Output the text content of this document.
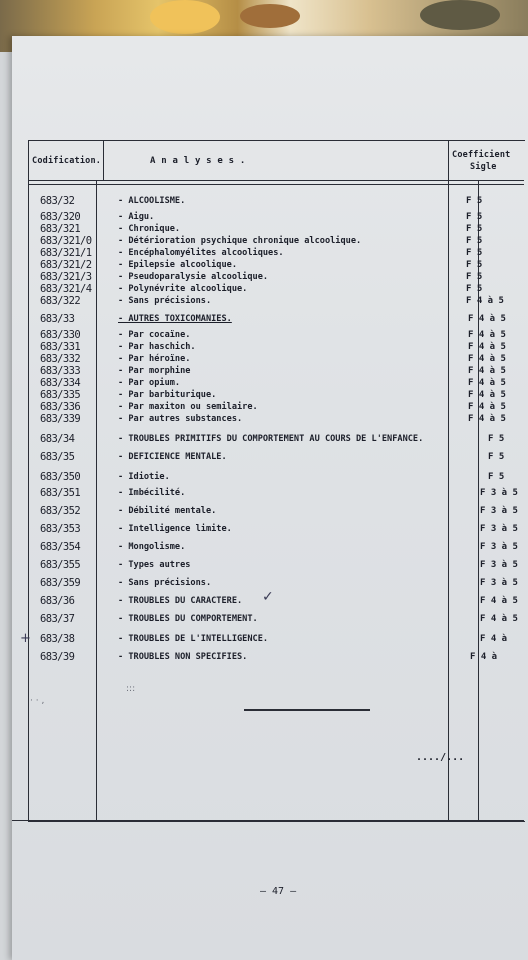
Codification.	A n a l y s e s .
Coefficient
Sigle
683/32	- ALCOOLISME.	F 5
683/320	- Aigu.	F 5
683/321	- Chronique.	F 5
683/321/0	- Détérioration psychique chronique alcoolique.	F 5
683/321/1	- Encéphalomyélites alcooliques.	F 5
683/321/2	- Epilepsie alcoolique.	F 5
683/321/3	- Pseudoparalysie alcoolique.	F 5
683/321/4	- Polynévrite alcoolique.	F 5
683/322	- Sans précisions.	F 4 à 5
683/33	- AUTRES TOXICOMANIES.	F 4 à 5
683/330	- Par cocaïne.	F 4 à 5
683/331	- Par haschich.	F 4 à 5
683/332	- Par héroïne.	F 4 à 5
683/333	- Par morphine	F 4 à 5
683/334	- Par opium.	F 4 à 5
683/335	- Par barbiturique.	F 4 à 5
683/336	- Par maxiton ou semilaire.	F 4 à 5
683/339	- Par autres substances.	F 4 à 5
683/34	- TROUBLES PRIMITIFS DU COMPORTEMENT AU COURS DE L'ENFANCE.	F 5
683/35	- DEFICIENCE MENTALE.	F 5
683/350	- Idiotie.	F 5
683/351	- Imbécilité.	F 3 à 5
683/352	- Débilité mentale.	F 3 à 5
683/353	- Intelligence limite.	F 3 à 5
683/354	- Mongolisme.	F 3 à 5
683/355	- Types autres	F 3 à 5
683/359	- Sans précisions.	F 3 à 5
683/36	- TROUBLES DU CARACTERE.	F 4 à 5
683/37	- TROUBLES DU COMPORTEMENT.	F 4 à 5
683/38	- TROUBLES DE L'INTELLIGENCE.	F 4 à
683/39	- TROUBLES NON SPECIFIES.	F 4 à
..../...
— 47 —
✓
+
· · ,
:::
